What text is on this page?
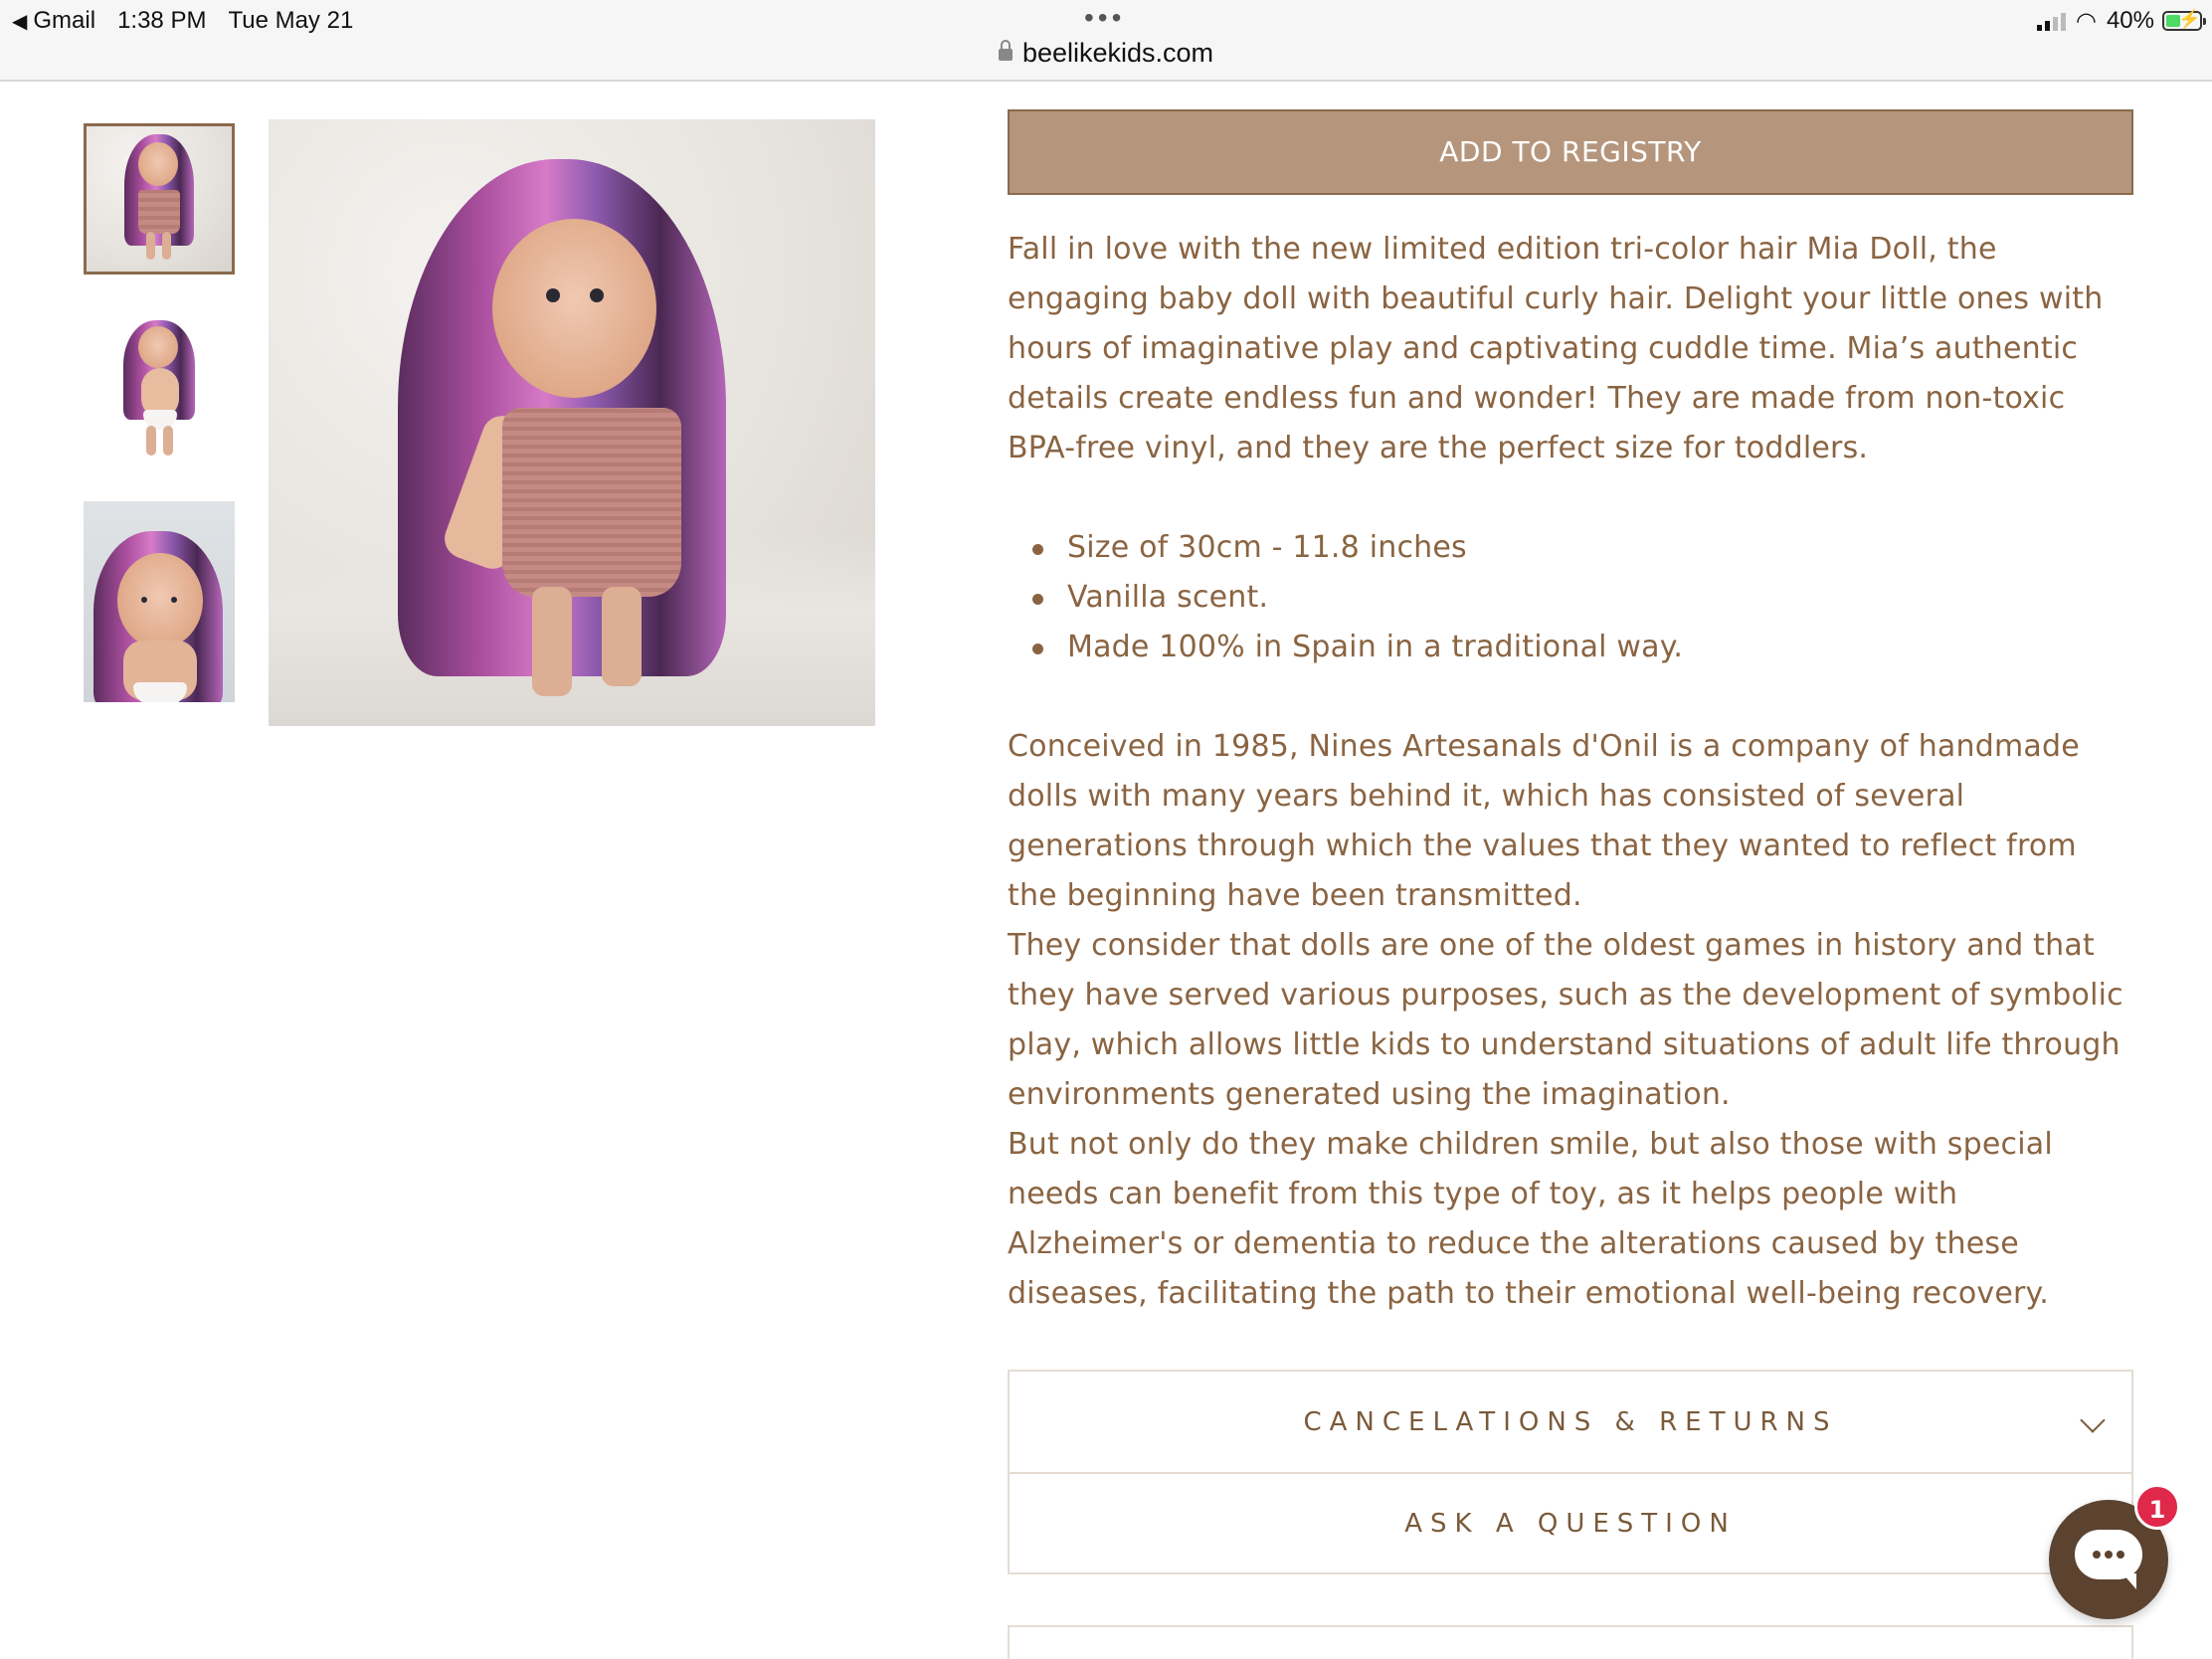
◀ Gmail 1:38 PM Tue May 21	•••
beelikekids.com
◠ 40% ⚡
ADD TO REGISTRY

Fall in love with the new limited edition tri-color hair Mia Doll, the engaging baby doll with beautiful curly hair. Delight your little ones with hours of imaginative play and captivating cuddle time. Mia’s authentic details create endless fun and wonder! They are made from non-toxic BPA-free vinyl, and they are the perfect size for toddlers.

Size of 30cm - 11.8 inches
Vanilla scent.
Made 100% in Spain in a traditional way.

Conceived in 1985, Nines Artesanals d'Onil is a company of handmade dolls with many years behind it, which has consisted of several generations through which the values that they wanted to reflect from the beginning have been transmitted.

They consider that dolls are one of the oldest games in history and that they have served various purposes, such as the development of symbolic play, which allows little kids to understand situations of adult life through environments generated using the imagination.

But not only do they make children smile, but also those with special needs can benefit from this type of toy, as it helps people with Alzheimer's or dementia to reduce the alterations caused by these diseases, facilitating the path to their emotional well-being recovery.

CANCELATIONS & RETURNS
ASK A QUESTION	1
